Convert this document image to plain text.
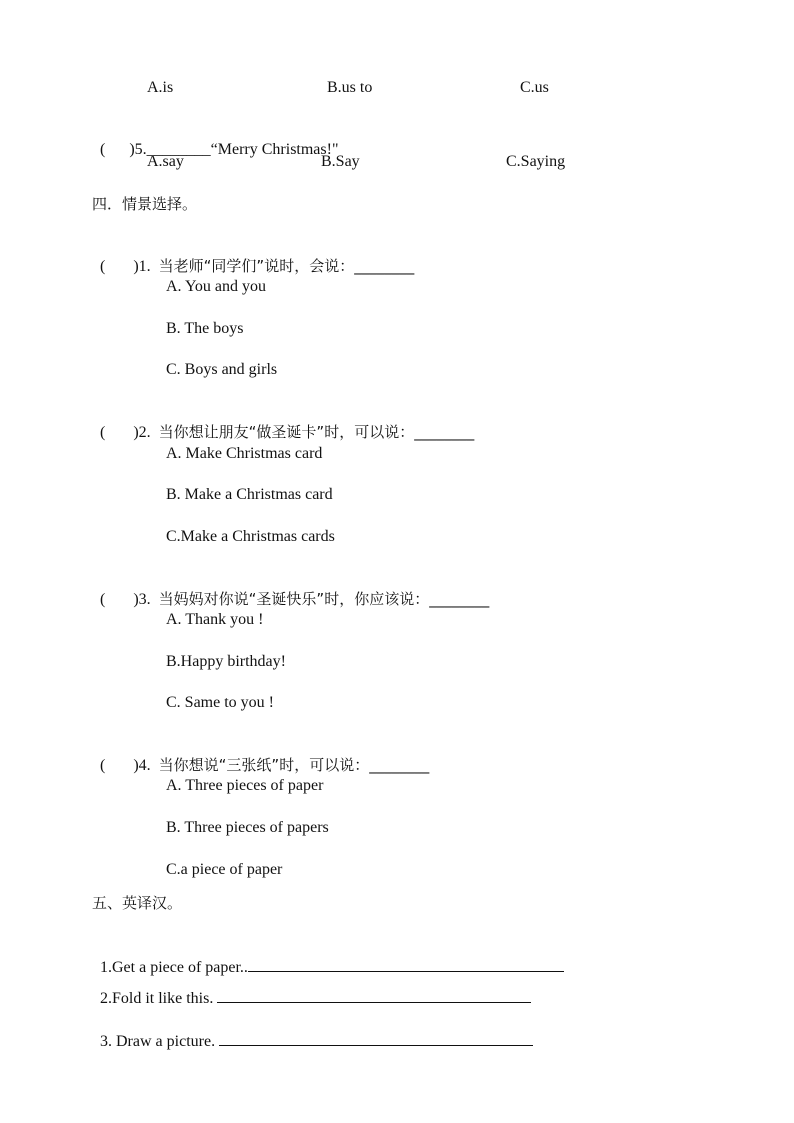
A.is	B.us to	C.us

(      )5.________“Merry Christmas!"

A.say	B.Say	C.Saying
四．情景选择。

(       )1. 当老师“同学们”说时，会说：________

A. You and you
B. The boys
C. Boys and girls

(       )2. 当你想让朋友“做圣诞卡”时，可以说：________

A. Make Christmas card
B. Make a Christmas card
C.Make a Christmas cards

(       )3. 当妈妈对你说“圣诞快乐”时，你应该说：________

A. Thank you !
B.Happy birthday!
C. Same to you !

(       )4. 当你想说“三张纸”时，可以说：________

A. Three pieces of paper
B. Three pieces of papers
C.a piece of paper
五、英译汉。

1.Get a piece of paper..

2.Fold it like this.

3. Draw a picture.
